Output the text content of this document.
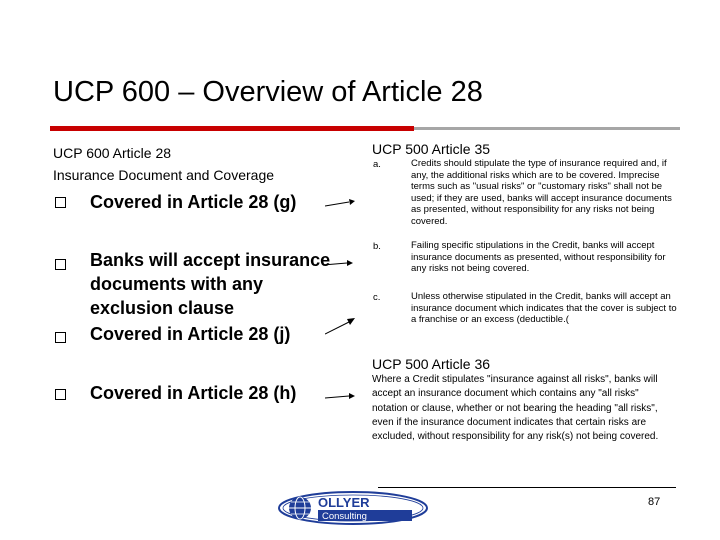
UCP 600 – Overview of Article 28
UCP 600 Article 28
Insurance Document and Coverage
Covered in Article 28 (g)
Banks will accept insurance documents with any exclusion clause
Covered in Article 28 (j)
Covered in Article 28 (h)
UCP 500 Article 35
a.	Credits should stipulate the type of insurance required and, if any, the additional risks which are to be covered. Imprecise terms such as "usual risks" or "customary risks" shall not be used; if they are used, banks will accept insurance documents as presented, without responsibility for any risks not being covered.
b.	Failing specific stipulations in the Credit, banks will accept insurance documents as presented, without responsibility for any risks not being covered.
c.	Unless otherwise stipulated in the Credit, banks will accept an insurance document which indicates that the cover is subject to a franchise or an excess (deductible.(
UCP 500 Article 36
Where a Credit stipulates "insurance against all risks", banks will accept an insurance document which contains any "all risks" notation or clause, whether or not bearing the heading "all risks", even if the insurance document indicates that certain risks are excluded, without responsibility for any risk(s) not being covered.
87
OLLYER
Consulting
